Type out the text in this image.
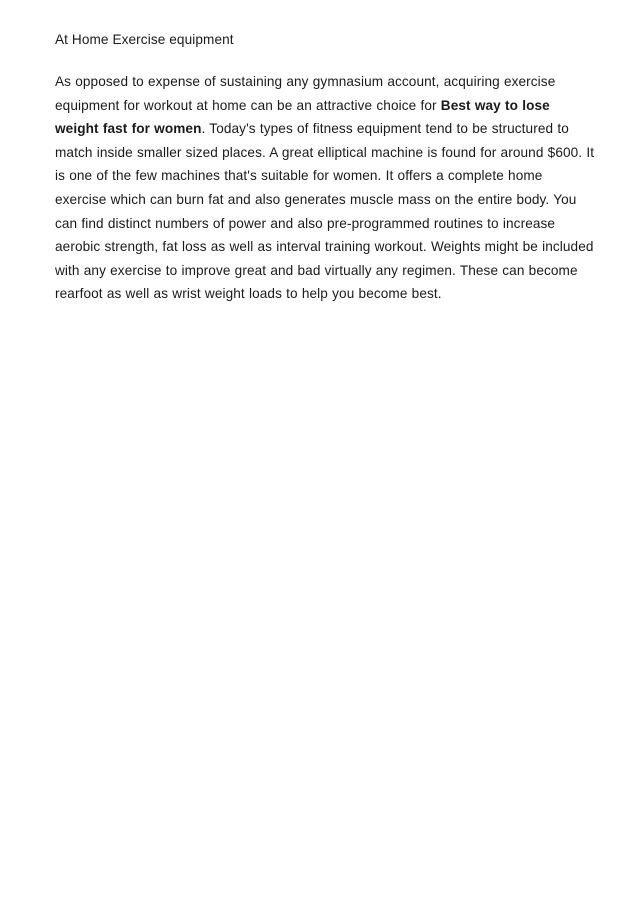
At Home Exercise equipment

As opposed to expense of sustaining any gymnasium account, acquiring exercise equipment for workout at home can be an attractive choice for Best way to lose weight fast for women. Today's types of fitness equipment tend to be structured to match inside smaller sized places. A great elliptical machine is found for around $600. It is one of the few machines that's suitable for women. It offers a complete home exercise which can burn fat and also generates muscle mass on the entire body. You can find distinct numbers of power and also pre-programmed routines to increase aerobic strength, fat loss as well as interval training workout. Weights might be included with any exercise to improve great and bad virtually any regimen. These can become rearfoot as well as wrist weight loads to help you become best.
